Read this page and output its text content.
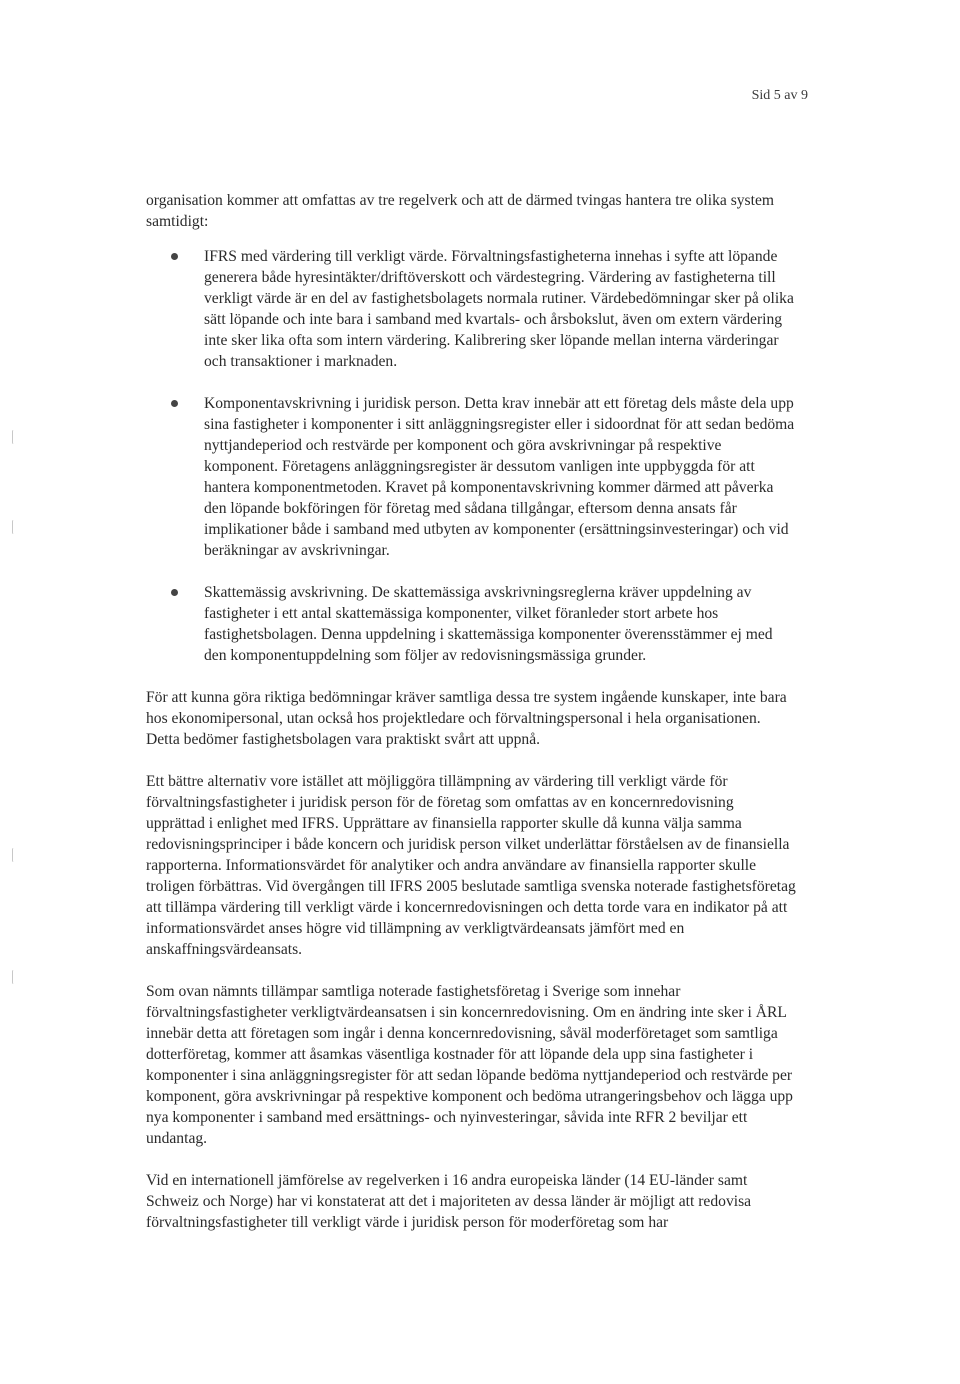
Sid 5 av 9

organisation kommer att omfattas av tre regelverk och att de därmed tvingas hantera tre olika system samtidigt:

IFRS med värdering till verkligt värde. Förvaltningsfastigheterna innehas i syfte att löpande generera både hyresintäkter/driftöverskott och värdestegring. Värdering av fastigheterna till verkligt värde är en del av fastighetsbolagets normala rutiner. Värdebedömningar sker på olika sätt löpande och inte bara i samband med kvartals- och årsbokslut, även om extern värdering inte sker lika ofta som intern värdering. Kalibrering sker löpande mellan interna värderingar och transaktioner i marknaden.
Komponentavskrivning i juridisk person. Detta krav innebär att ett företag dels måste dela upp sina fastigheter i komponenter i sitt anläggningsregister eller i sidoordnat för att sedan bedöma nyttjandeperiod och restvärde per komponent och göra avskrivningar på respektive komponent. Företagens anläggningsregister är dessutom vanligen inte uppbyggda för att hantera komponentmetoden. Kravet på komponentavskrivning kommer därmed att påverka den löpande bokföringen för företag med sådana tillgångar, eftersom denna ansats får implikationer både i samband med utbyten av komponenter (ersättningsinvesteringar) och vid beräkningar av avskrivningar.
Skattemässig avskrivning. De skattemässiga avskrivningsreglerna kräver uppdelning av fastigheter i ett antal skattemässiga komponenter, vilket föranleder stort arbete hos fastighetsbolagen. Denna uppdelning i skattemässiga komponenter överensstämmer ej med den komponentuppdelning som följer av redovisningsmässiga grunder.

För att kunna göra riktiga bedömningar kräver samtliga dessa tre system ingående kunskaper, inte bara hos ekonomipersonal, utan också hos projektledare och förvaltningspersonal i hela organisationen. Detta bedömer fastighetsbolagen vara praktiskt svårt att uppnå.

Ett bättre alternativ vore istället att möjliggöra tillämpning av värdering till verkligt värde för förvaltningsfastigheter i juridisk person för de företag som omfattas av en koncernredovisning upprättad i enlighet med IFRS. Upprättare av finansiella rapporter skulle då kunna välja samma redovisningsprinciper i både koncern och juridisk person vilket underlättar förståelsen av de finansiella rapporterna. Informationsvärdet för analytiker och andra användare av finansiella rapporter skulle troligen förbättras. Vid övergången till IFRS 2005 beslutade samtliga svenska noterade fastighetsföretag att tillämpa värdering till verkligt värde i koncernredovisningen och detta torde vara en indikator på att informationsvärdet anses högre vid tillämpning av verkligtvärdeansats jämfört med en anskaffningsvärdeansats.

Som ovan nämnts tillämpar samtliga noterade fastighetsföretag i Sverige som innehar förvaltningsfastigheter verkligtvärdeansatsen i sin koncernredovisning. Om en ändring inte sker i ÅRL innebär detta att företagen som ingår i denna koncernredovisning, såväl moderföretaget som samtliga dotterföretag, kommer att åsamkas väsentliga kostnader för att löpande dela upp sina fastigheter i komponenter i sina anläggningsregister för att sedan löpande bedöma nyttjandeperiod och restvärde per komponent, göra avskrivningar på respektive komponent och bedöma utrangeringsbehov och lägga upp nya komponenter i samband med ersättnings- och nyinvesteringar, såvida inte RFR 2 beviljar ett undantag.

Vid en internationell jämförelse av regelverken i 16 andra europeiska länder (14 EU-länder samt Schweiz och Norge) har vi konstaterat att det i majoriteten av dessa länder är möjligt att redovisa förvaltningsfastigheter till verkligt värde i juridisk person för moderföretag som har
